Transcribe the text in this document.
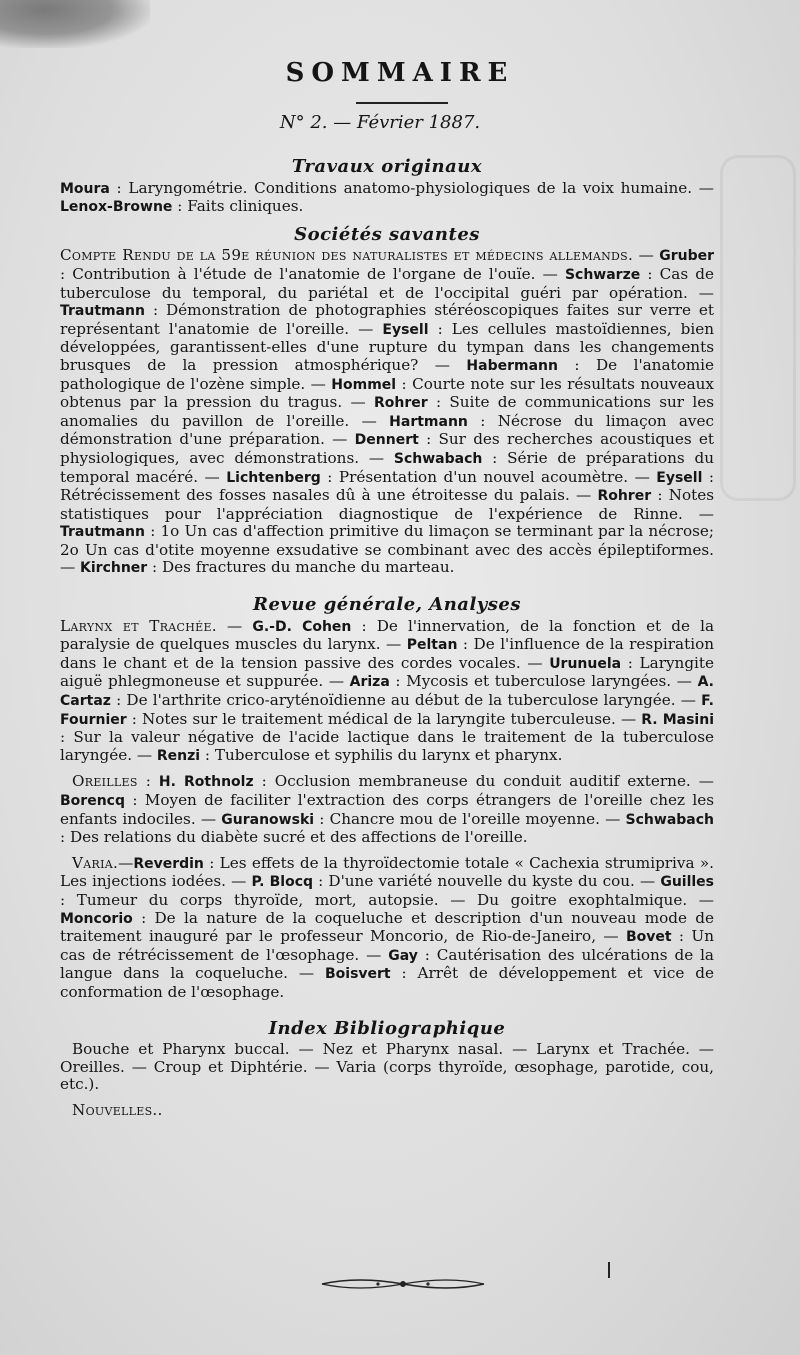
SOMMAIRE
N° 2. — Février 1887.
Travaux originaux

Moura : Laryngométrie. Conditions anatomo-physiologiques de la voix humaine. — Lenox-Browne : Faits cliniques.

Sociétés savantes

Compte Rendu de la 59e réunion des naturalistes et médecins allemands. — Gruber : Contribution à l'étude de l'anatomie de l'organe de l'ouïe. — Schwarze : Cas de tuberculose du temporal, du pariétal et de l'occipital guéri par opération. — Trautmann : Démonstration de photographies stéréoscopiques faites sur verre et représentant l'anatomie de l'oreille. — Eysell : Les cellules mastoïdiennes, bien développées, garantissent-elles d'une rupture du tympan dans les changements brusques de la pression atmosphérique? — Habermann : De l'anatomie pathologique de l'ozène simple. — Hommel : Courte note sur les résultats nouveaux obtenus par la pression du tragus. — Rohrer : Suite de communications sur les anomalies du pavillon de l'oreille. — Hartmann : Nécrose du limaçon avec démonstration d'une préparation. — Dennert : Sur des recherches acoustiques et physiologiques, avec démonstrations. — Schwabach : Série de préparations du temporal macéré. — Lichtenberg : Présentation d'un nouvel acoumètre. — Eysell : Rétrécissement des fosses nasales dû à une étroitesse du palais. — Rohrer : Notes statistiques pour l'appréciation diagnostique de l'expérience de Rinne. — Trautmann : 1o Un cas d'affection primitive du limaçon se terminant par la nécrose; 2o Un cas d'otite moyenne exsudative se combinant avec des accès épileptiformes. — Kirchner : Des fractures du manche du marteau.

Revue générale, Analyses

Larynx et Trachée. — G.-D. Cohen : De l'innervation, de la fonction et de la paralysie de quelques muscles du larynx. — Peltan : De l'influence de la respiration dans le chant et de la tension passive des cordes vocales. — Urunuela : Laryngite aiguë phlegmoneuse et suppurée. — Ariza : Mycosis et tuberculose laryngées. — A. Cartaz : De l'arthrite crico-aryténoïdienne au début de la tuberculose laryngée. — F. Fournier : Notes sur le traitement médical de la laryngite tuberculeuse. — R. Masini : Sur la valeur négative de l'acide lactique dans le traitement de la tuberculose laryngée. — Renzi : Tuberculose et syphilis du larynx et pharynx.

Oreilles : H. Rothnolz : Occlusion membraneuse du conduit auditif externe. — Borencq : Moyen de faciliter l'extraction des corps étrangers de l'oreille chez les enfants indociles. — Guranowski : Chancre mou de l'oreille moyenne. — Schwabach : Des relations du diabète sucré et des affections de l'oreille.

Varia.—Reverdin : Les effets de la thyroïdectomie totale « Cachexia strumipriva ». Les injections iodées. — P. Blocq : D'une variété nouvelle du kyste du cou. — Guilles : Tumeur du corps thyroïde, mort, autopsie. — Du goitre exophtalmique. — Moncorio : De la nature de la coqueluche et description d'un nouveau mode de traitement inauguré par le professeur Moncorio, de Rio-de-Janeiro, — Bovet : Un cas de rétrécissement de l'œsophage. — Gay : Cautérisation des ulcérations de la langue dans la coqueluche. — Boisvert : Arrêt de développement et vice de conformation de l'œsophage.

Index Bibliographique

Bouche et Pharynx buccal. — Nez et Pharynx nasal. — Larynx et Trachée. — Oreilles. — Croup et Diphtérie. — Varia (corps thyroïde, œsophage, parotide, cou, etc.).

Nouvelles..
